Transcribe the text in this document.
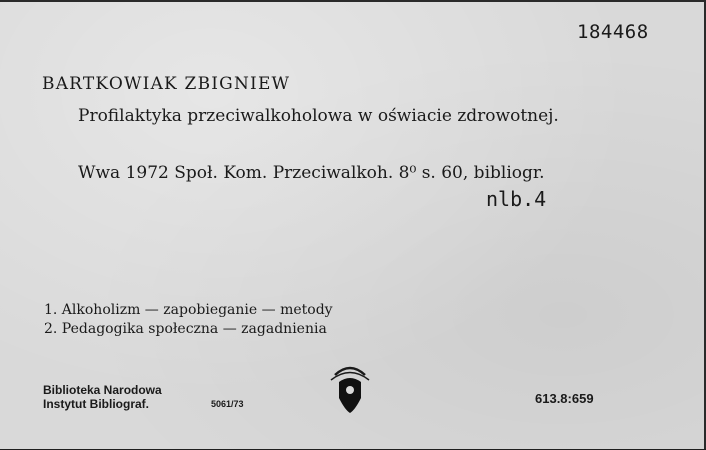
184468
BARTKOWIAK ZBIGNIEW
Profilaktyka przeciwalkoholowa w oświacie zdrowotnej.
Wwa 1972 Społ. Kom. Przeciwalkoh. 8⁰ s. 60, bibliogr.
nlb.4
1. Alkoholizm — zapobieganie — metody
2. Pedagogika społeczna — zagadnienia
Biblioteka Narodowa
Instytut Bibliograf.	5061/73	613.8:659
